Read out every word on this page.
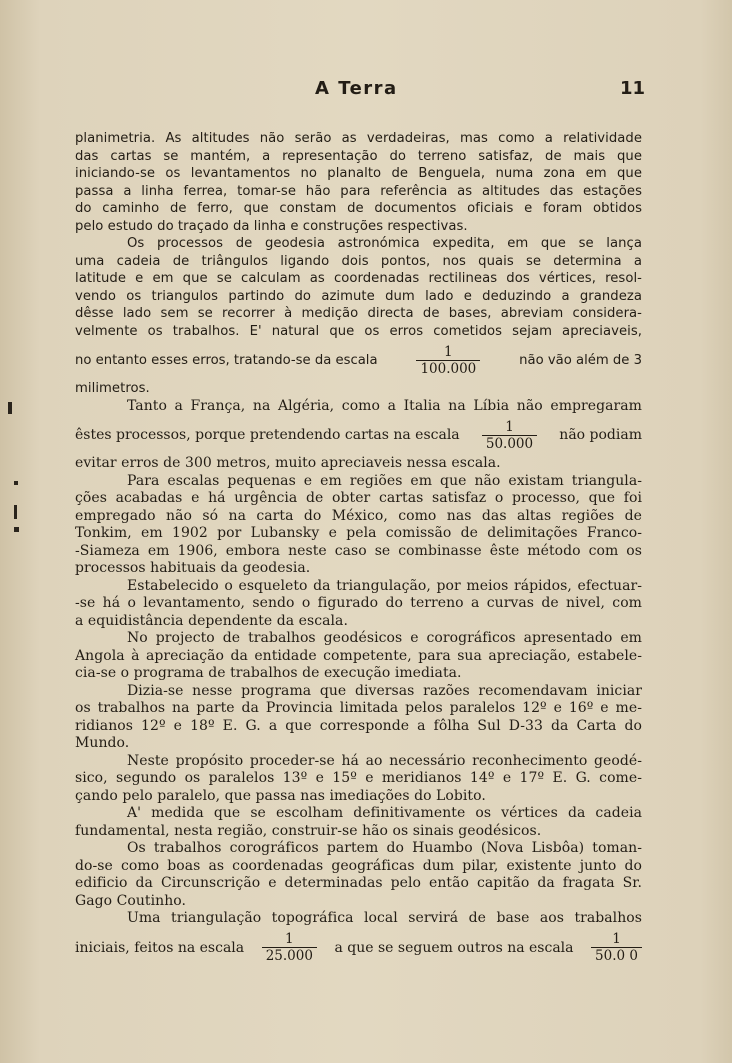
A Terra	11
planimetria. As altitudes não serão as verdadeiras, mas como a relatividade
das cartas se mantém, a representação do terreno satisfaz, de mais que
iniciando-se os levantamentos no planalto de Benguela, numa zona em que
passa a linha ferrea, tomar-se hão para referência as altitudes das estações
do caminho de ferro, que constam de documentos oficiais e foram obtidos
pelo estudo do traçado da linha e construções respectivas.
Os processos de geodesia astronómica expedita, em que se lança
uma cadeia de triângulos ligando dois pontos, nos quais se determina a
latitude e em que se calculam as coordenadas rectilineas dos vértices, resol-
vendo os triangulos partindo do azimute dum lado e deduzindo a grandeza
dêsse lado sem se recorrer à medição directa de bases, abreviam considera-
velmente os trabalhos. E' natural que os erros cometidos sejam apreciaveis,
no entanto esses erros, tratando-se da escala	$\frac{1}{100.000}$	não vão além de 3
milimetros.
Tanto a França, na Algéria, como a Italia na Líbia não empregaram
êstes processos, porque pretendendo cartas na escala $\frac{1}{50.000}$ não podiam
evitar erros de 300 metros, muito apreciaveis nessa escala.
Para escalas pequenas e em regiões em que não existam triangula-
ções acabadas e há urgência de obter cartas satisfaz o processo, que foi
empregado não só na carta do México, como nas das altas regiões de
Tonkim, em 1902 por Lubansky e pela comissão de delimitações Franco-
-Siameza em 1906, embora neste caso se combinasse êste método com os
processos habituais da geodesia.
Estabelecido o esqueleto da triangulação, por meios rápidos, efectuar-
-se há o levantamento, sendo o figurado do terreno a curvas de nivel, com
a equidistância dependente da escala.
No projecto de trabalhos geodésicos e corográficos apresentado em
Angola à apreciação da entidade competente, para sua apreciação, estabele-
cia-se o programa de trabalhos de execução imediata.
Dizia-se nesse programa que diversas razões recomendavam iniciar
os trabalhos na parte da Provincia limitada pelos paralelos 12º e 16º e me-
ridianos 12º e 18º E. G. a que corresponde a fôlha Sul D-33 da Carta do
Mundo.
Neste propósito proceder-se há ao necessário reconhecimento geodé-
sico, segundo os paralelos 13º e 15º e meridianos 14º e 17º E. G. come-
çando pelo paralelo, que passa nas imediações do Lobito.
A' medida que se escolham definitivamente os vértices da cadeia
fundamental, nesta região, construir-se hão os sinais geodésicos.
Os trabalhos corográficos partem do Huambo (Nova Lisbôa) toman-
do-se como boas as coordenadas geográficas dum pilar, existente junto do
edificio da Circunscrição e determinadas pelo então capitão da fragata Sr.
Gago Coutinho.
Uma triangulação topográfica local servirá de base aos trabalhos
iniciais, feitos na escala $\frac{1}{25.000}$ a que se seguem outros na escala $\frac{1}{50.0 0}$
